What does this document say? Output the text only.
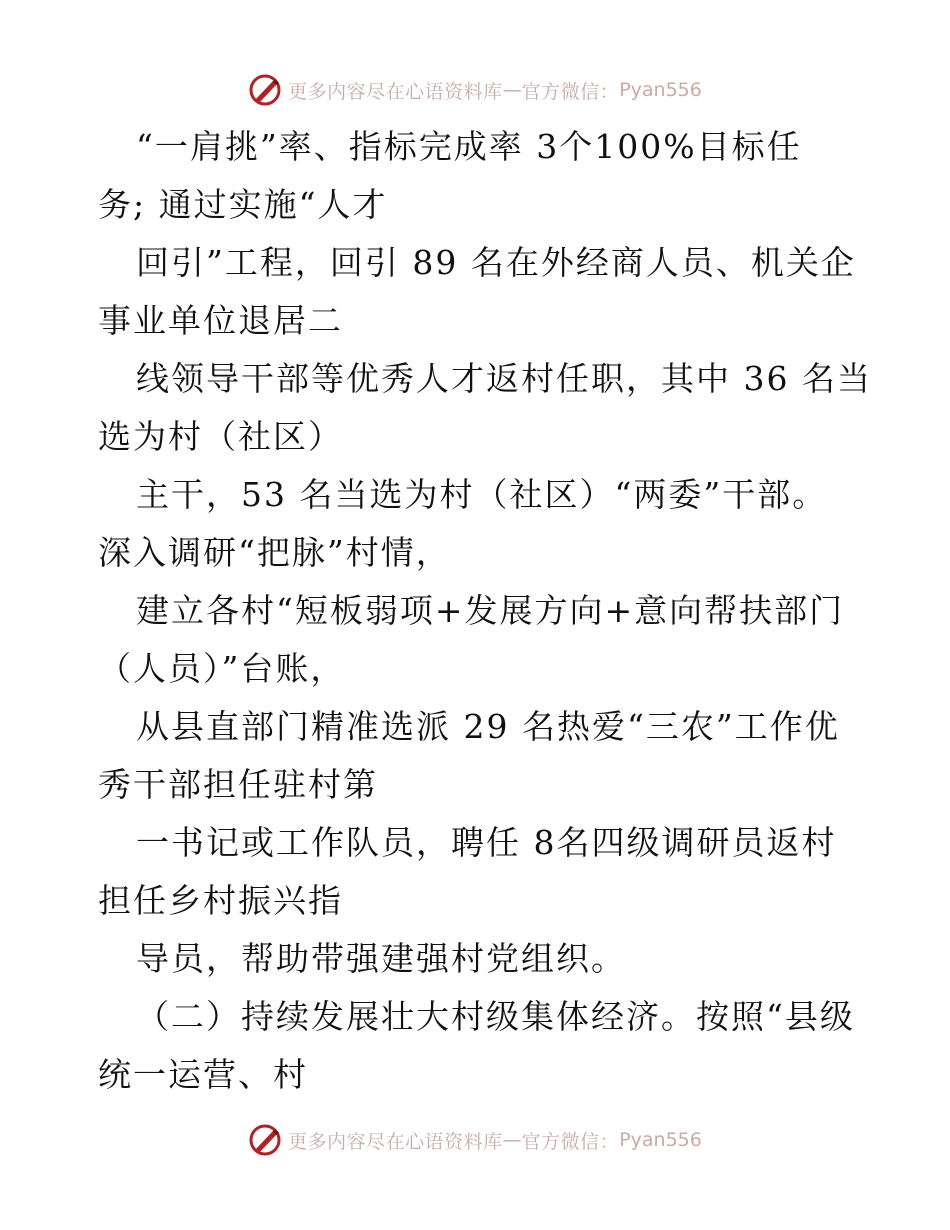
更多内容尽在心语资料库 — 官方微信： Pyan556
“一肩挑”率、指标完成率 3个100%目标任
务; 通过实施“人才
回引”工程，回引 89 名在外经商人员、机关企
事业单位退居二
线领导干部等优秀人才返村任职，其中 36 名当
选为村（社区）
主干，53 名当选为村（社区）“两委”干部。
深入调研“把脉”村情，
建立各村“短板弱项+发展方向+意向帮扶部门
（人员）”台账，
从县直部门精准选派 29 名热爱“三农”工作优
秀干部担任驻村第
一书记或工作队员，聘任 8名四级调研员返村
担任乡村振兴指
导员，帮助带强建强村党组织。
（二）持续发展壮大村级集体经济。按照“县级
统一运营、村
更多内容尽在心语资料库 — 官方微信： Pyan556
